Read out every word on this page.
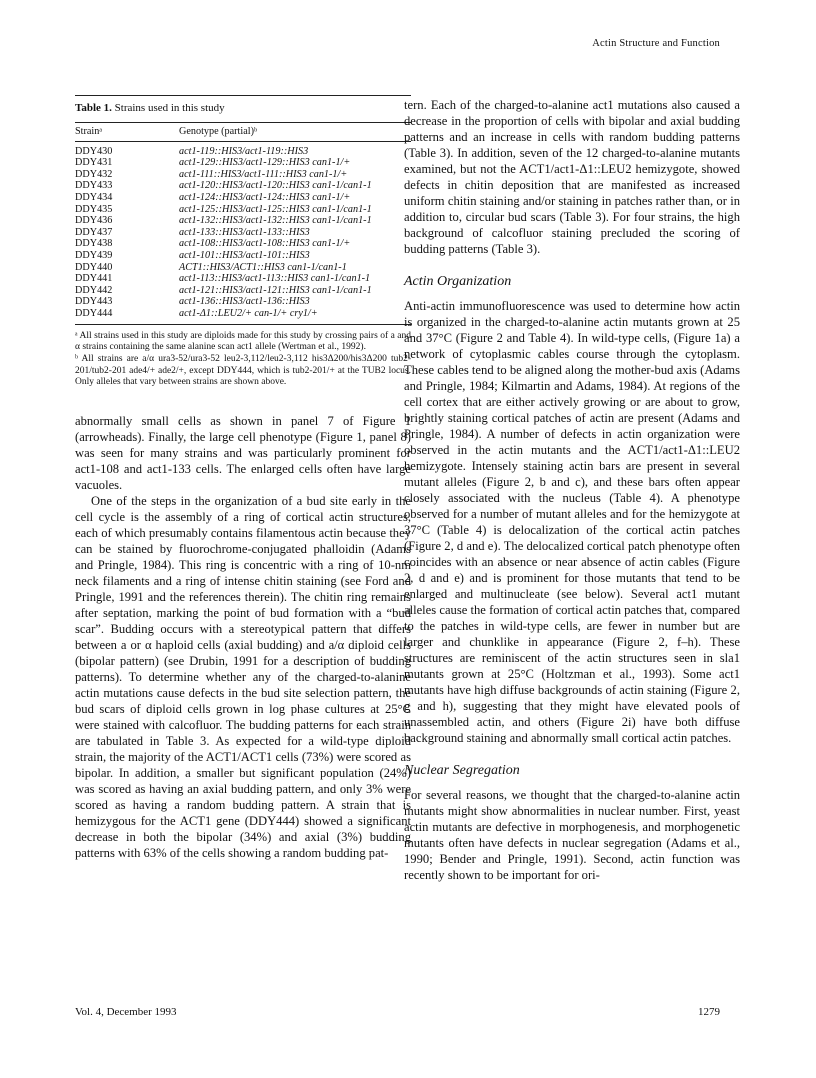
Actin Structure and Function
Table 1. Strains used in this study
Strainᵃ	Genotype (partial)ᵇ
DDY430	act1-119::HIS3/act1-119::HIS3
DDY431	act1-129::HIS3/act1-129::HIS3 can1-1/+
DDY432	act1-111::HIS3/act1-111::HIS3 can1-1/+
DDY433	act1-120::HIS3/act1-120::HIS3 can1-1/can1-1
DDY434	act1-124::HIS3/act1-124::HIS3 can1-1/+
DDY435	act1-125::HIS3/act1-125::HIS3 can1-1/can1-1
DDY436	act1-132::HIS3/act1-132::HIS3 can1-1/can1-1
DDY437	act1-133::HIS3/act1-133::HIS3
DDY438	act1-108::HIS3/act1-108::HIS3 can1-1/+
DDY439	act1-101::HIS3/act1-101::HIS3
DDY440	ACT1::HIS3/ACT1::HIS3 can1-1/can1-1
DDY441	act1-113::HIS3/act1-113::HIS3 can1-1/can1-1
DDY442	act1-121::HIS3/act1-121::HIS3 can1-1/can1-1
DDY443	act1-136::HIS3/act1-136::HIS3
DDY444	act1-Δ1::LEU2/+ can-1/+ cry1/+
ᵃ All strains used in this study are diploids made for this study by crossing pairs of a and α strains containing the same alanine scan act1 allele (Wertman et al., 1992).
ᵇ All strains are a/α ura3-52/ura3-52 leu2-3,112/leu2-3,112 his3Δ200/his3Δ200 tub2-201/tub2-201 ade4/+ ade2/+, except DDY444, which is tub2-201/+ at the TUB2 locus. Only alleles that vary between strains are shown above.

abnormally small cells as shown in panel 7 of Figure 1 (arrowheads). Finally, the large cell phenotype (Figure 1, panel 8) was seen for many strains and was particularly prominent for act1-108 and act1-133 cells. The enlarged cells often have large vacuoles.

One of the steps in the organization of a bud site early in the cell cycle is the assembly of a ring of cortical actin structures, each of which presumably contains filamentous actin because they can be stained by fluorochrome-conjugated phalloidin (Adams and Pringle, 1984). This ring is concentric with a ring of 10-nm neck filaments and a ring of intense chitin staining (see Ford and Pringle, 1991 and the references therein). The chitin ring remains after septation, marking the point of bud formation with a “bud scar”. Budding occurs with a stereotypical pattern that differs between a or α haploid cells (axial budding) and a/α diploid cells (bipolar pattern) (see Drubin, 1991 for a description of budding patterns). To determine whether any of the charged-to-alanine actin mutations cause defects in the bud site selection pattern, the bud scars of diploid cells grown in log phase cultures at 25°C were stained with calcofluor. The budding patterns for each strain are tabulated in Table 3. As expected for a wild-type diploid strain, the majority of the ACT1/ACT1 cells (73%) were scored as bipolar. In addition, a smaller but significant population (24%) was scored as having an axial budding pattern, and only 3% were scored as having a random budding pattern. A strain that is hemizygous for the ACT1 gene (DDY444) showed a significant decrease in both the bipolar (34%) and axial (3%) budding patterns with 63% of the cells showing a random budding pat-

tern. Each of the charged-to-alanine act1 mutations also caused a decrease in the proportion of cells with bipolar and axial budding patterns and an increase in cells with random budding patterns (Table 3). In addition, seven of the 12 charged-to-alanine mutants examined, but not the ACT1/act1-Δ1::LEU2 hemizygote, showed defects in chitin deposition that are manifested as increased uniform chitin staining and/or staining in patches rather than, or in addition to, circular bud scars (Table 3). For four strains, the high background of calcofluor staining precluded the scoring of budding patterns (Table 3).

Actin Organization

Anti-actin immunofluorescence was used to determine how actin is organized in the charged-to-alanine actin mutants grown at 25 and 37°C (Figure 2 and Table 4). In wild-type cells, (Figure 1a) a network of cytoplasmic cables course through the cytoplasm. These cables tend to be aligned along the mother-bud axis (Adams and Pringle, 1984; Kilmartin and Adams, 1984). At regions of the cell cortex that are either actively growing or are about to grow, brightly staining cortical patches of actin are present (Adams and Pringle, 1984). A number of defects in actin organization were observed in the actin mutants and the ACT1/act1-Δ1::LEU2 hemizygote. Intensely staining actin bars are present in several mutant alleles (Figure 2, b and c), and these bars often appear closely associated with the nucleus (Table 4). A phenotype observed for a number of mutant alleles and for the hemizygote at 37°C (Table 4) is delocalization of the cortical actin patches (Figure 2, d and e). The delocalized cortical patch phenotype often coincides with an absence or near absence of actin cables (Figure 2, d and e) and is prominent for those mutants that tend to be enlarged and multinucleate (see below). Several act1 mutant alleles cause the formation of cortical actin patches that, compared to the patches in wild-type cells, are fewer in number but are larger and chunklike in appearance (Figure 2, f–h). These structures are reminiscent of the actin structures seen in sla1 mutants grown at 25°C (Holtzman et al., 1993). Some act1 mutants have high diffuse backgrounds of actin staining (Figure 2, g and h), suggesting that they might have elevated pools of unassembled actin, and others (Figure 2i) have both diffuse background staining and abnormally small cortical actin patches.

Nuclear Segregation

For several reasons, we thought that the charged-to-alanine actin mutants might show abnormalities in nuclear number. First, yeast actin mutants are defective in morphogenesis, and morphogenetic mutants often have defects in nuclear segregation (Adams et al., 1990; Bender and Pringle, 1991). Second, actin function was recently shown to be important for ori-

Vol. 4, December 1993	1279
